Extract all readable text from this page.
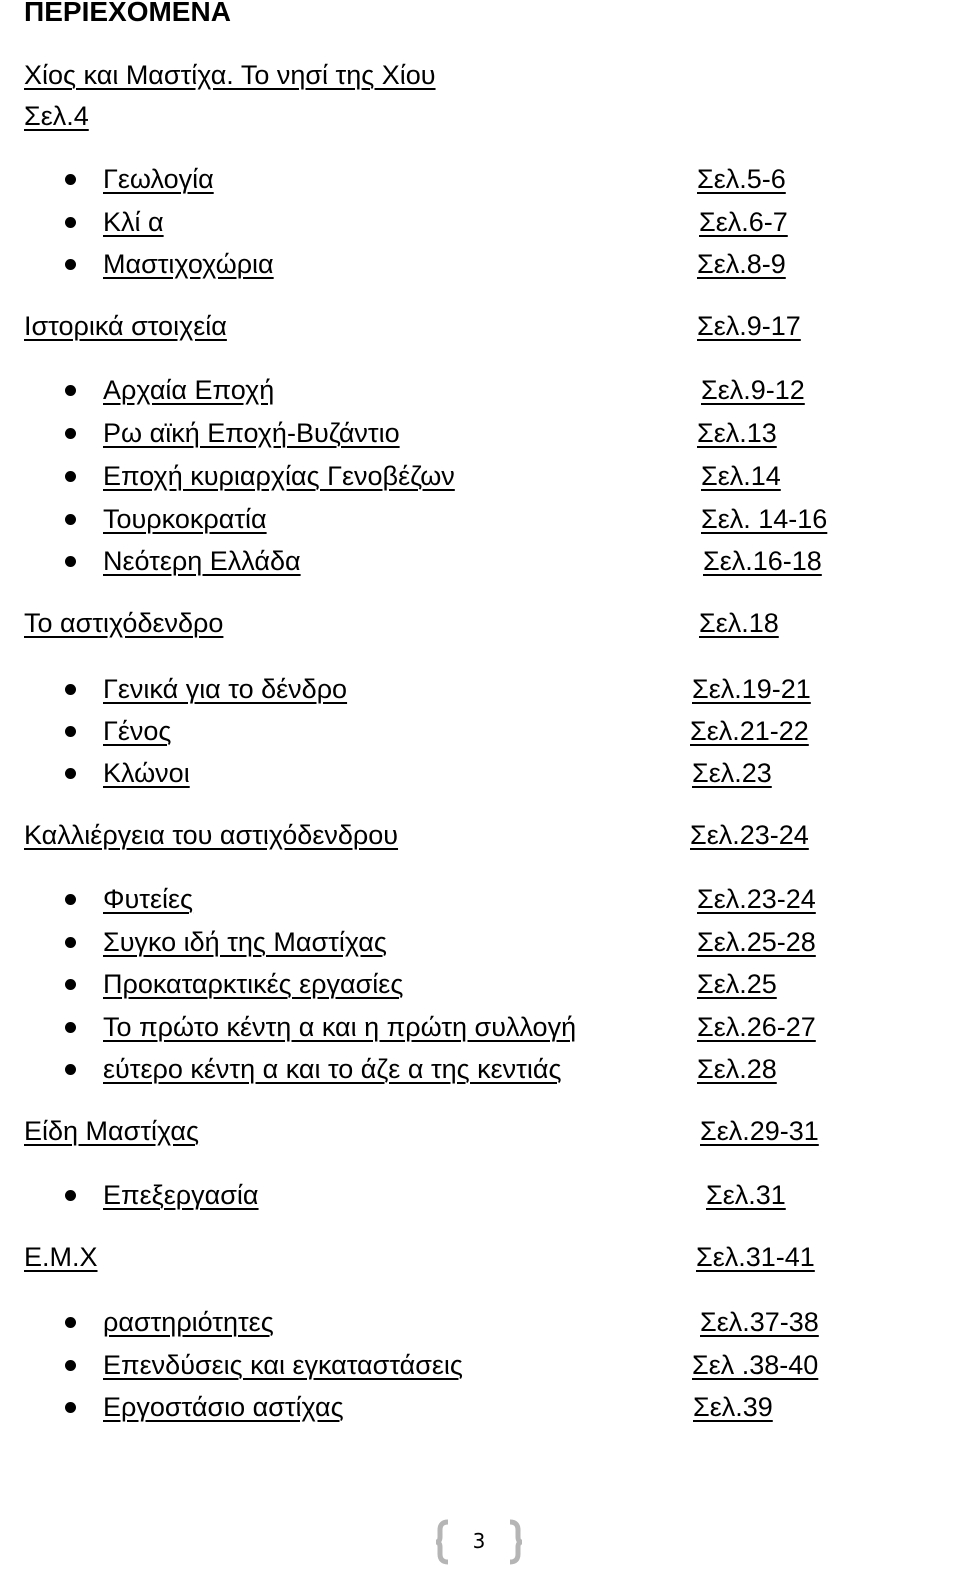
ΠΕΡΙΕΧΟΜΕΝΑ
Χίος και Μαστίχα. Το νησί της Χίου
Σελ.4
Γεωλογία	Σελ.5-6
Κλί α	Σελ.6-7
Μαστιχοχώρια	Σελ.8-9
Ιστορικά στοιχεία	Σελ.9-17
Αρχαία Εποχή	Σελ.9-12
Ρω αϊκή Εποχή-Βυζάντιο	Σελ.13
Εποχή κυριαρχίας Γενοβέζων	Σελ.14
Τουρκοκρατία	Σελ. 14-16
Νεότερη Ελλάδα	Σελ.16-18
Το αστιχόδενδρο	Σελ.18
Γενικά για το δένδρο	Σελ.19-21
Γένος	Σελ.21-22
Κλώνοι	Σελ.23
Καλλιέργεια του αστιχόδενδρου	Σελ.23-24
Φυτείες	Σελ.23-24
Συγκο ιδή της Μαστίχας	Σελ.25-28
Προκαταρκτικές εργασίες	Σελ.25
Το πρώτο κέντη α και η πρώτη συλλογή	Σελ.26-27
εύτερο κέντη α και το άζε α της κεντιάς	Σελ.28
Είδη Μαστίχας	Σελ.29-31
Επεξεργασία	Σελ.31
Ε.Μ.Χ	Σελ.31-41
ραστηριότητες	Σελ.37-38
Επενδύσεις και εγκαταστάσεις	Σελ .38-40
Εργοστάσιο αστίχας	Σελ.39
3
